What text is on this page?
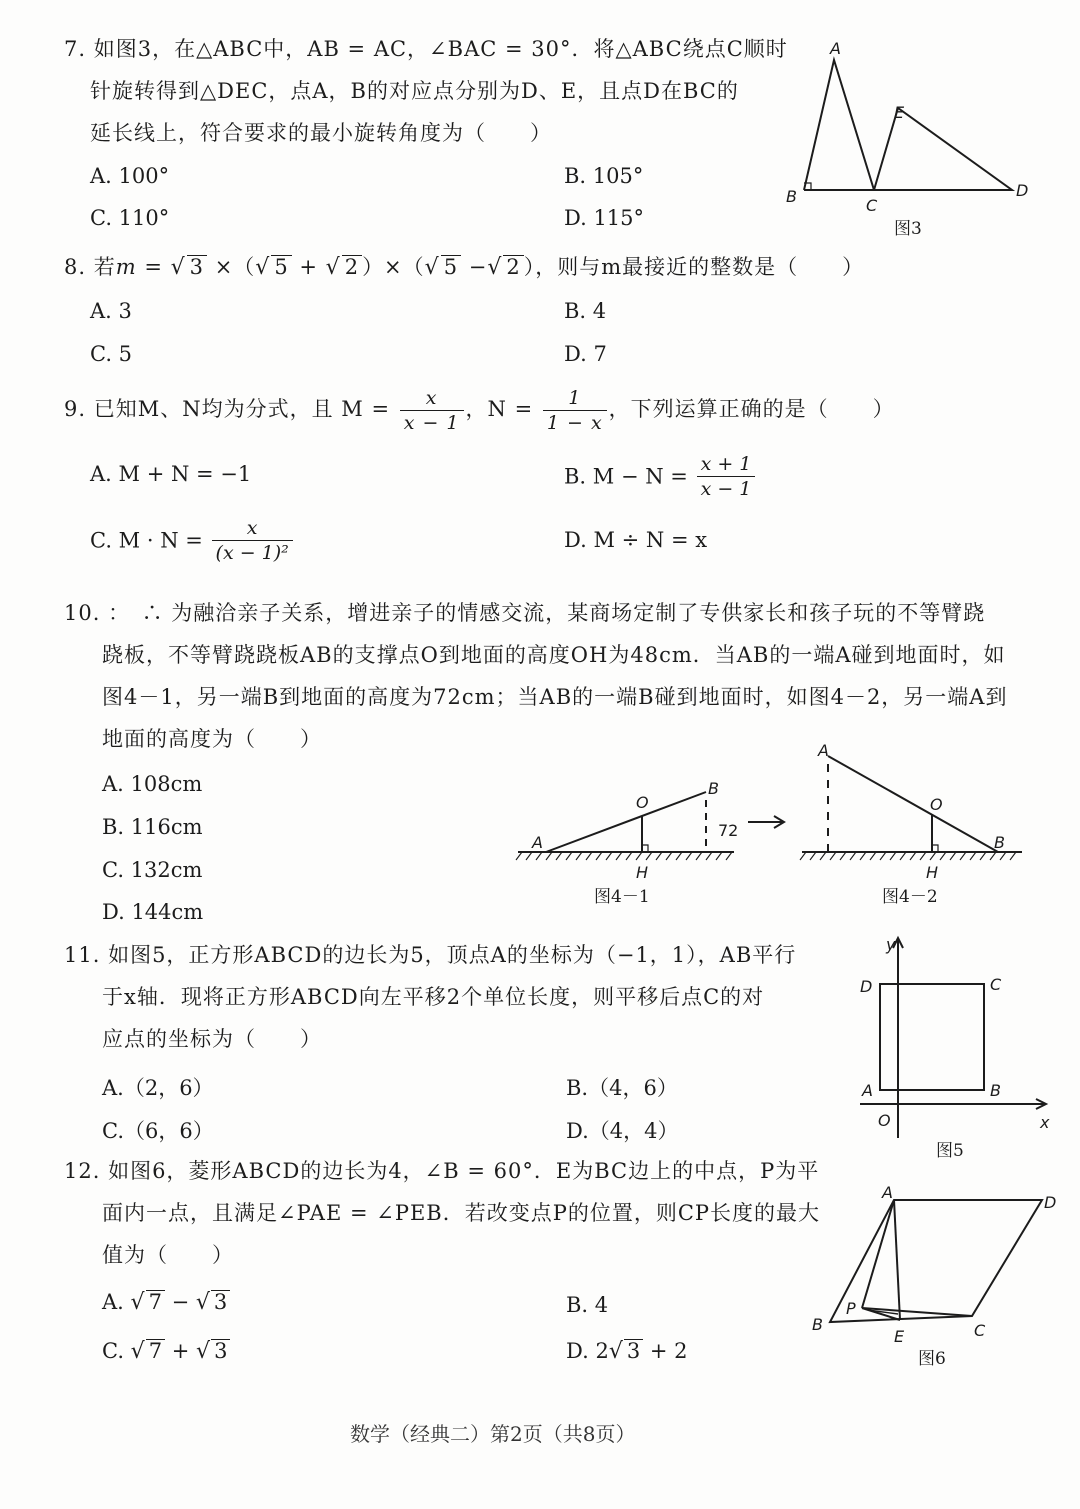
7. 如图3，在△ABC中，AB = AC，∠BAC = 30°．将△ABC绕点C顺时
针旋转得到△DEC，点A，B的对应点分别为D、E，且点D在BC的
延长线上，符合要求的最小旋转角度为（　　）
A. 100°	B. 105°
C. 110°	D. 115°
A
B	C
D
E
图3
8. 若m = √ 3 ×（√ 5 + √ 2 ）×（√ 5 −√ 2 ），则与m最接近的整数是（　　）
A. 3	B. 4
C. 5	D. 7
9. 已知M、N均为分式，且 $M = \frac{x}{x - 1}$ ，$N = \frac{1}{1 - x}$ ，下列运算正确的是（　　）
A. M + N = −1	B. $M - N = \frac{x + 1}{x - 1}$
C. $M \cdot N = \frac{x}{\text{(x − 1)²}}$	D. M ÷ N = x
10. ：　∴ 为融洽亲子关系，增进亲子的情感交流，某商场定制了专供家长和孩子玩的不等臂跷
跷板，不等臂跷跷板AB的支撑点O到地面的高度OH为48cm．当AB的一端A碰到地面时，如
图4－1，另一端B到地面的高度为72cm；当AB的一端B碰到地面时，如图4－2，另一端A到
地面的高度为（　　）
A. 108cm
B. 116cm
C. 132cm
D. 144cm
A
O
B
H
72
A
O
B
H
图4－1	图4－2
11. 如图5，正方形ABCD的边长为5，顶点A的坐标为（−1，1），AB平行
于x轴．现将正方形ABCD向左平移2个单位长度，则平移后点C的对
应点的坐标为（　　）
A.（2，6）	B.（4，6）
C.（6，6）	D.（4，4）
y
x
D	C
A	B
O
图5
12. 如图6，菱形ABCD的边长为4，∠B = 60°．E为BC边上的中点，P为平
面内一点，且满足∠PAE = ∠PEB．若改变点P的位置，则CP长度的最大
值为（　　）
A. √ 7 − √ 3	B. 4
C. √ 7 + √ 3	D. 2√ 3 + 2
A
D
B
P
E	C
图6
数学（经典二）第2页（共8页）
